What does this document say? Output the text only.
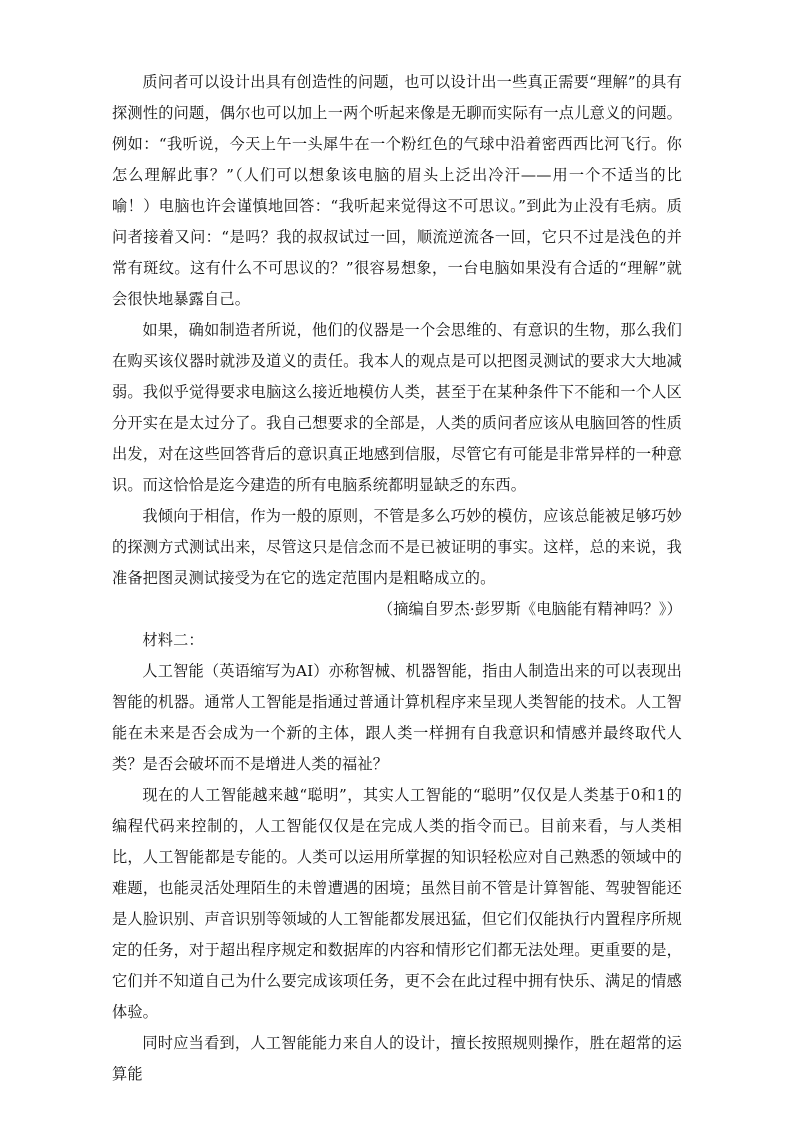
质问者可以设计出具有创造性的问题，也可以设计出一些真正需要“理解”的具有探测性的问题，偶尔也可以加上一两个听起来像是无聊而实际有一点儿意义的问题。例如：“我听说，今天上午一头犀牛在一个粉红色的气球中沿着密西西比河飞行。你怎么理解此事？”（人们可以想象该电脑的眉头上泛出冷汗——用一个不适当的比喻！）电脑也许会谨慎地回答：“我听起来觉得这不可思议。”到此为止没有毛病。质问者接着又问：“是吗？我的叔叔试过一回，顺流逆流各一回，它只不过是浅色的并常有斑纹。这有什么不可思议的？”很容易想象，一台电脑如果没有合适的“理解”就会很快地暴露自己。

如果，确如制造者所说，他们的仪器是一个会思维的、有意识的生物，那么我们在购买该仪器时就涉及道义的责任。我本人的观点是可以把图灵测试的要求大大地减弱。我似乎觉得要求电脑这么接近地模仿人类，甚至于在某种条件下不能和一个人区分开实在是太过分了。我自己想要求的全部是，人类的质问者应该从电脑回答的性质出发，对在这些回答背后的意识真正地感到信服，尽管它有可能是非常异样的一种意识。而这恰恰是迄今建造的所有电脑系统都明显缺乏的东西。

我倾向于相信，作为一般的原则，不管是多么巧妙的模仿，应该总能被足够巧妙的探测方式测试出来，尽管这只是信念而不是已被证明的事实。这样，总的来说，我准备把图灵测试接受为在它的选定范围内是粗略成立的。

（摘编自罗杰·彭罗斯《电脑能有精神吗？》）

材料二：

人工智能（英语缩写为AI）亦称智械、机器智能，指由人制造出来的可以表现出智能的机器。通常人工智能是指通过普通计算机程序来呈现人类智能的技术。人工智能在未来是否会成为一个新的主体，跟人类一样拥有自我意识和情感并最终取代人类？是否会破坏而不是增进人类的福祉？

现在的人工智能越来越“聪明”，其实人工智能的“聪明”仅仅是人类基于0和1的编程代码来控制的，人工智能仅仅是在完成人类的指令而已。目前来看，与人类相比，人工智能都是专能的。人类可以运用所掌握的知识轻松应对自己熟悉的领域中的难题，也能灵活处理陌生的未曾遭遇的困境；虽然目前不管是计算智能、驾驶智能还是人脸识别、声音识别等领域的人工智能都发展迅猛，但它们仅能执行内置程序所规定的任务，对于超出程序规定和数据库的内容和情形它们都无法处理。更重要的是，它们并不知道自己为什么要完成该项任务，更不会在此过程中拥有快乐、满足的情感体验。

同时应当看到，人工智能能力来自人的设计，擅长按照规则操作，胜在超常的运算能
